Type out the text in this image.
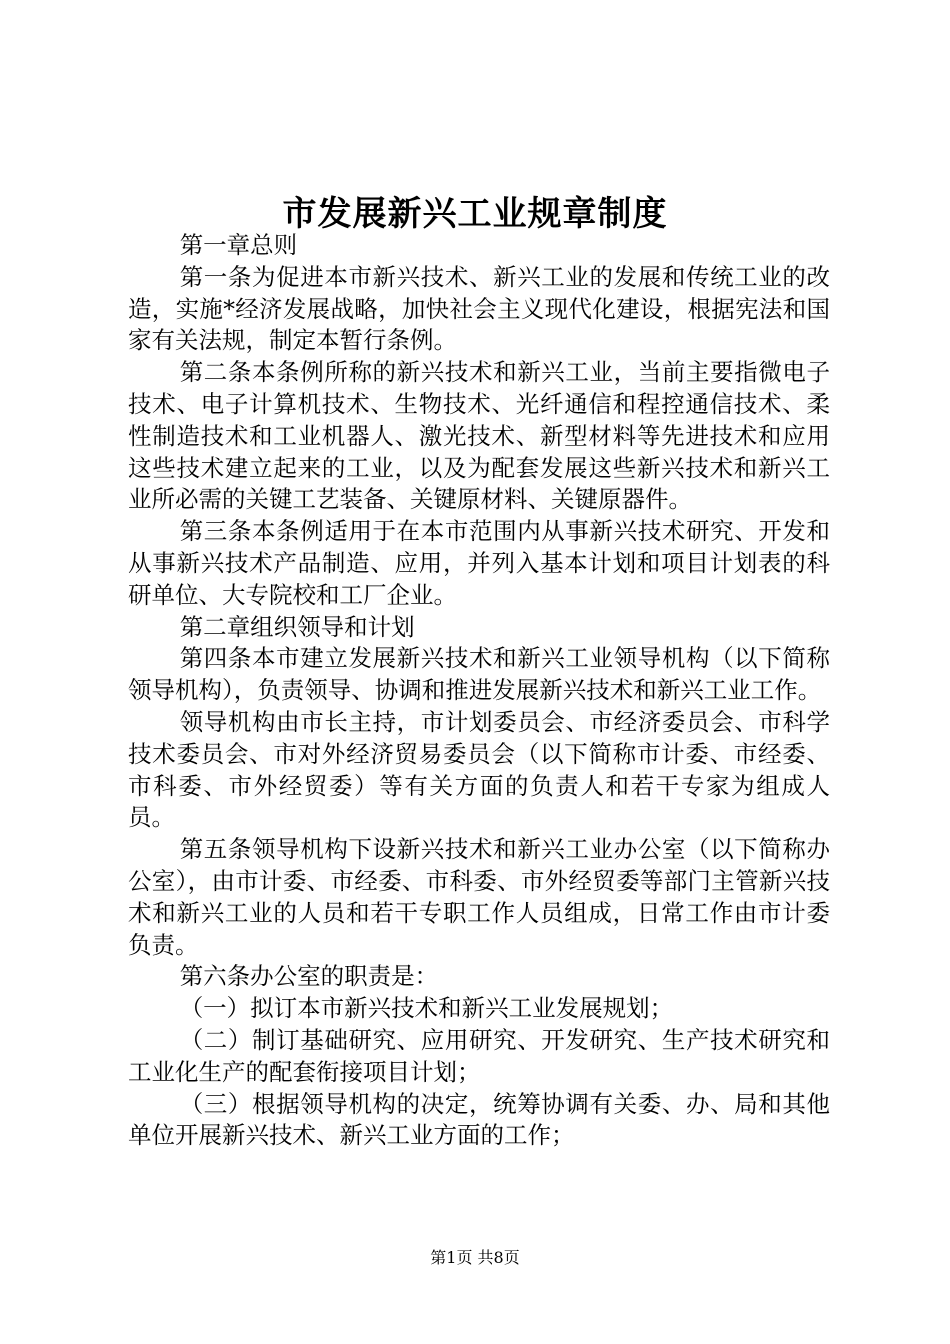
市发展新兴工业规章制度

第一章总则

第一条为促进本市新兴技术、新兴工业的发展和传统工业的改造，实施*经济发展战略，加快社会主义现代化建设，根据宪法和国家有关法规，制定本暂行条例。

第二条本条例所称的新兴技术和新兴工业，当前主要指微电子技术、电子计算机技术、生物技术、光纤通信和程控通信技术、柔性制造技术和工业机器人、激光技术、新型材料等先进技术和应用这些技术建立起来的工业，以及为配套发展这些新兴技术和新兴工业所必需的关键工艺装备、关键原材料、关键原器件。

第三条本条例适用于在本市范围内从事新兴技术研究、开发和从事新兴技术产品制造、应用，并列入基本计划和项目计划表的科研单位、大专院校和工厂企业。

第二章组织领导和计划

第四条本市建立发展新兴技术和新兴工业领导机构（以下简称领导机构），负责领导、协调和推进发展新兴技术和新兴工业工作。

领导机构由市长主持，市计划委员会、市经济委员会、市科学技术委员会、市对外经济贸易委员会（以下简称市计委、市经委、市科委、市外经贸委）等有关方面的负责人和若干专家为组成人员。

第五条领导机构下设新兴技术和新兴工业办公室（以下简称办公室），由市计委、市经委、市科委、市外经贸委等部门主管新兴技术和新兴工业的人员和若干专职工作人员组成，日常工作由市计委负责。

第六条办公室的职责是：

（一）拟订本市新兴技术和新兴工业发展规划；

（二）制订基础研究、应用研究、开发研究、生产技术研究和工业化生产的配套衔接项目计划；

（三）根据领导机构的决定，统筹协调有关委、办、局和其他单位开展新兴技术、新兴工业方面的工作；

第1页 共8页
